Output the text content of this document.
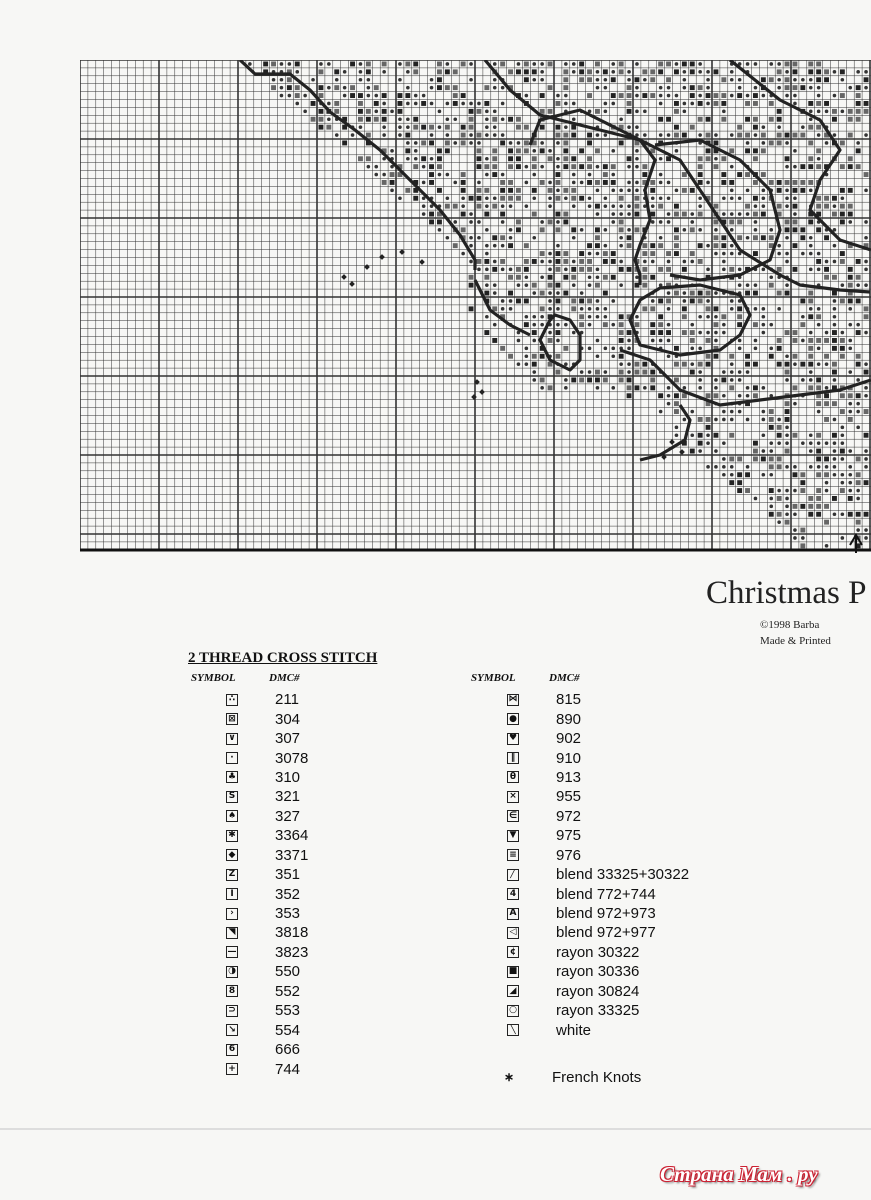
Christmas P
©1998 Barba
Made & Printed
2 THREAD CROSS STITCH
SYMBOL	DMC#	SYMBOL	DMC#
∴	211
⊠	304
∨	307
·	3078
♣	310
S	321
♠	327
✱	3364
◆	3371
Z	351
I	352
›	353
◥	3818
—	3823
◑	550
8	552
⊃	553
↘	554
6	666
+	744
⋈	815
●	890
♥	902
‖	910
θ	913
×	955
∈	972
▼	975
≡	976
╱	blend 33325+30322
4	blend 772+744
A	blend 972+973
◁	blend 972+977
¢	rayon 30322
■	rayon 30336
◢	rayon 30824
○	rayon 33325
╲	white
∗	French Knots
Страна Мам . ру
